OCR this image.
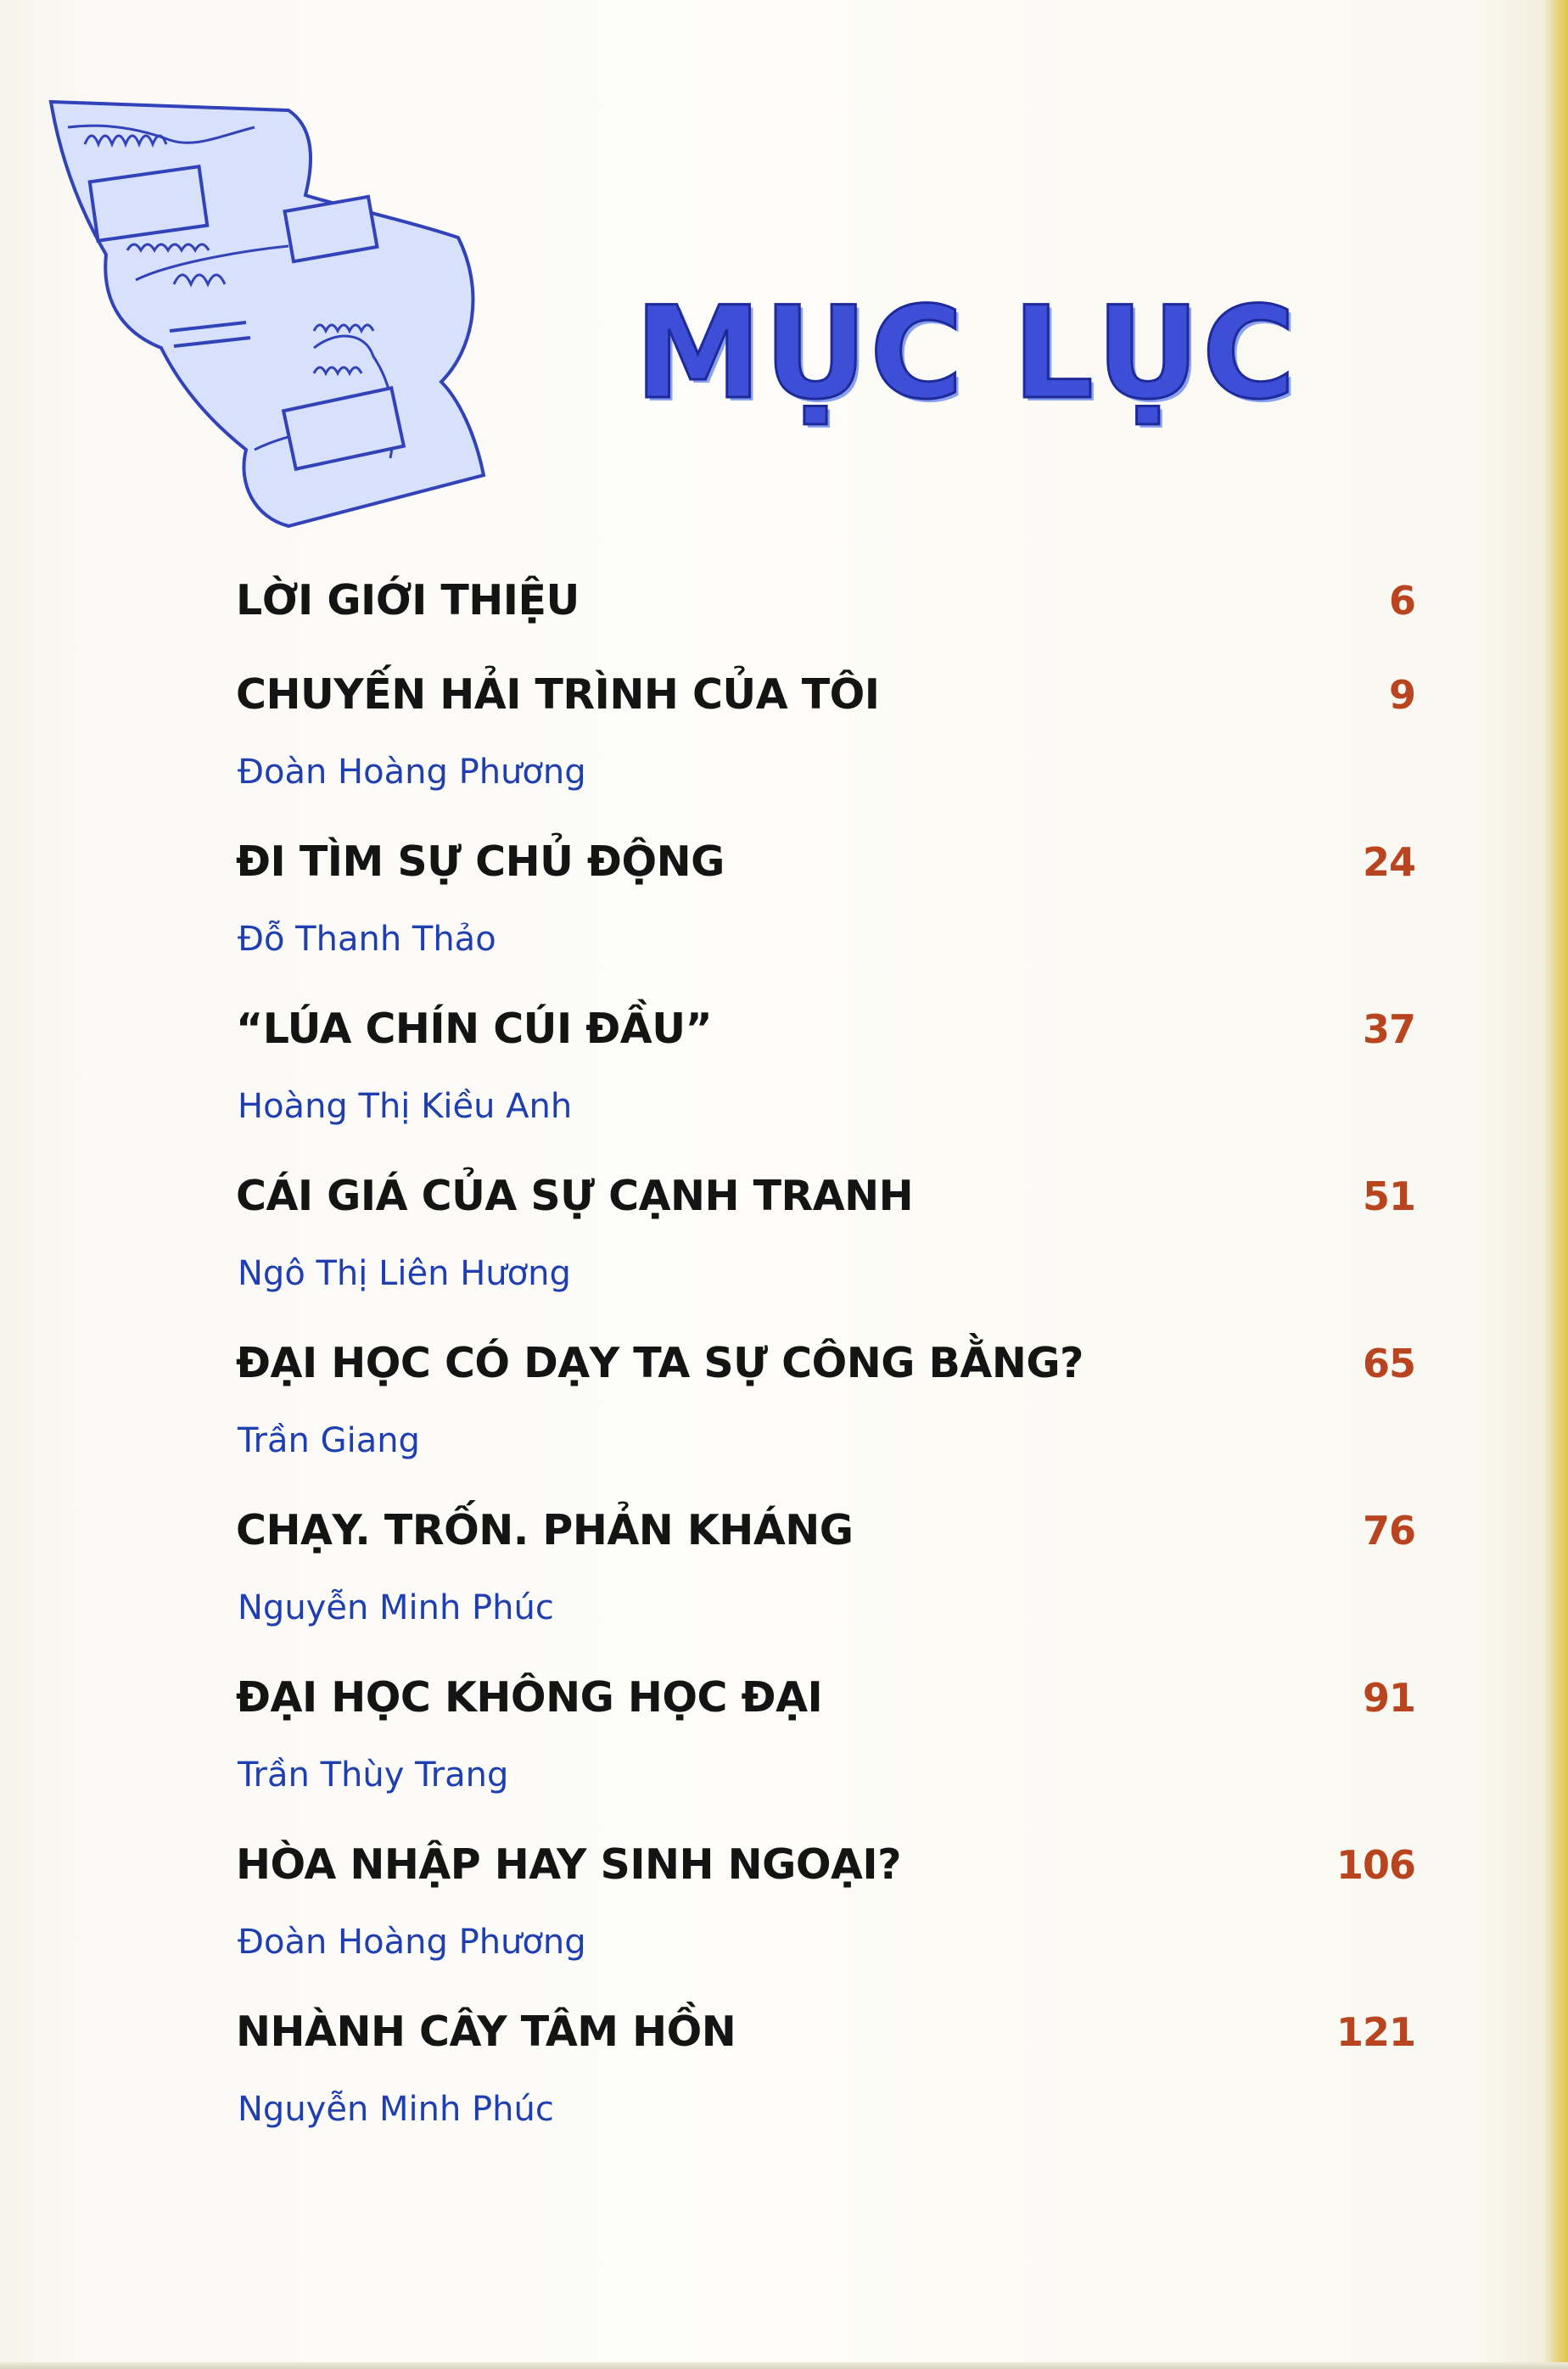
MỤC LỤC
LỜI GIỚI THIỆU	6
CHUYẾN HẢI TRÌNH CỦA TÔI	9
Đoàn Hoàng Phương
ĐI TÌM SỰ CHỦ ĐỘNG	24
Đỗ Thanh Thảo
“LÚA CHÍN CÚI ĐẦU”	37
Hoàng Thị Kiều Anh
CÁI GIÁ CỦA SỰ CẠNH TRANH	51
Ngô Thị Liên Hương
ĐẠI HỌC CÓ DẠY TA SỰ CÔNG BẰNG?	65
Trần Giang
CHẠY. TRỐN. PHẢN KHÁNG	76
Nguyễn Minh Phúc
ĐẠI HỌC KHÔNG HỌC ĐẠI	91
Trần Thùy Trang
HÒA NHẬP HAY SINH NGOẠI?	106
Đoàn Hoàng Phương
NHÀNH CÂY TÂM HỒN	121
Nguyễn Minh Phúc
